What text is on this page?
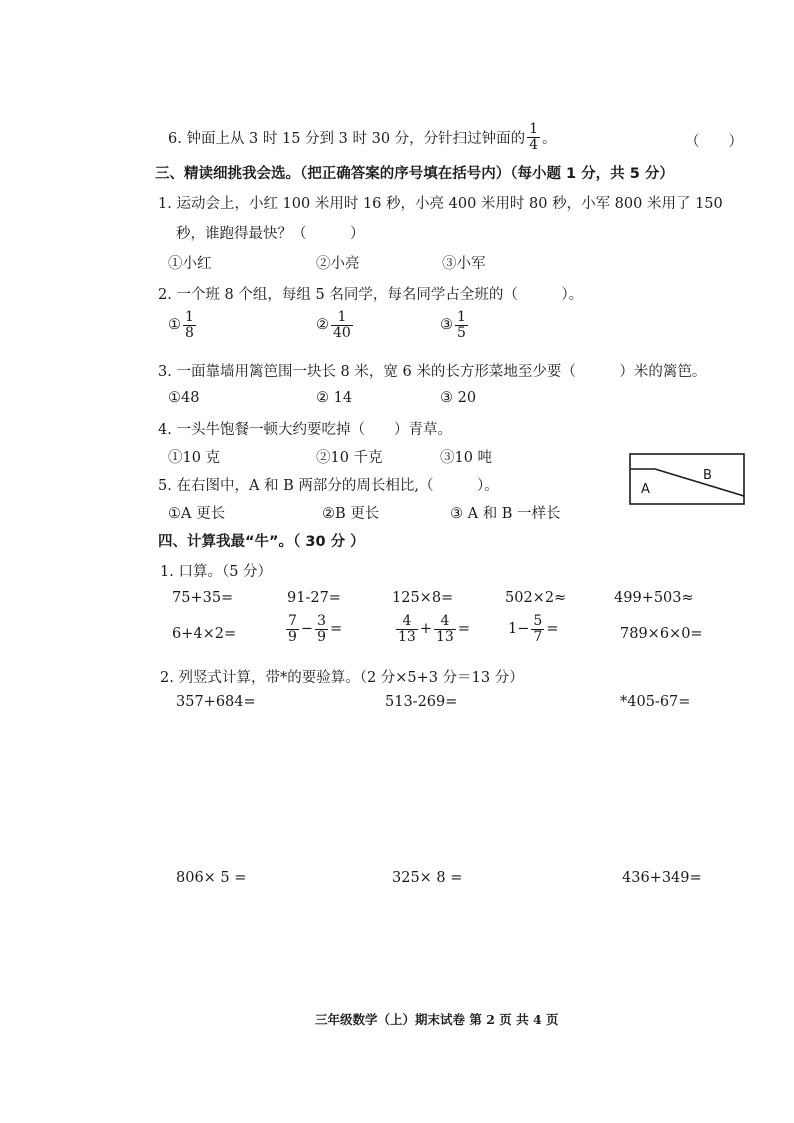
6. 钟面上从 3 时 15 分到 3 时 30 分，分针扫过钟面的 $\frac{1}{4}$ 。	（　　）
三、精读细挑我会选。（把正确答案的序号填在括号内）（每小题 1 分，共 5 分）
1. 运动会上，小红 100 米用时 16 秒，小亮 400 米用时 80 秒，小军 800 米用了 150
秒，谁跑得最快？（　　　）
①小红	②小亮	③小军
2. 一个班 8 个组，每组 5 名同学，每名同学占全班的（　　　）。
① $\frac{1}{8}$	② $\frac{1}{40}$	③ $\frac{1}{5}$
3. 一面靠墙用篱笆围一块长 8 米，宽 6 米的长方形菜地至少要（　　　）米的篱笆。
①48	② 14	③ 20
4. 一头牛饱餐一顿大约要吃掉（　　）青草。
①10 克	②10 千克	③10 吨
5. 在右图中，A 和 B 两部分的周长相比,（　　　）。
①A 更长	②B 更长	③ A 和 B 一样长
A
B
四、计算我最“牛”。（ 30 分 ）
1. 口算。（5 分）
75+35=	91-27=	125×8=	502×2≈	499+503≈
6+4×2=	$\frac{7}{9} - \frac{3}{9}$ =	$\frac{4}{13} + \frac{4}{13}$ =	$1- \frac{5}{7}$ =	789×6×0=
2. 列竖式计算，带*的要验算。（2 分×5+3 分＝13 分）
357+684=	513-269=	*405-67=
806× 5 =	325× 8 =	436+349=
三年级数学（上）期末试卷 第 2 页 共 4 页
